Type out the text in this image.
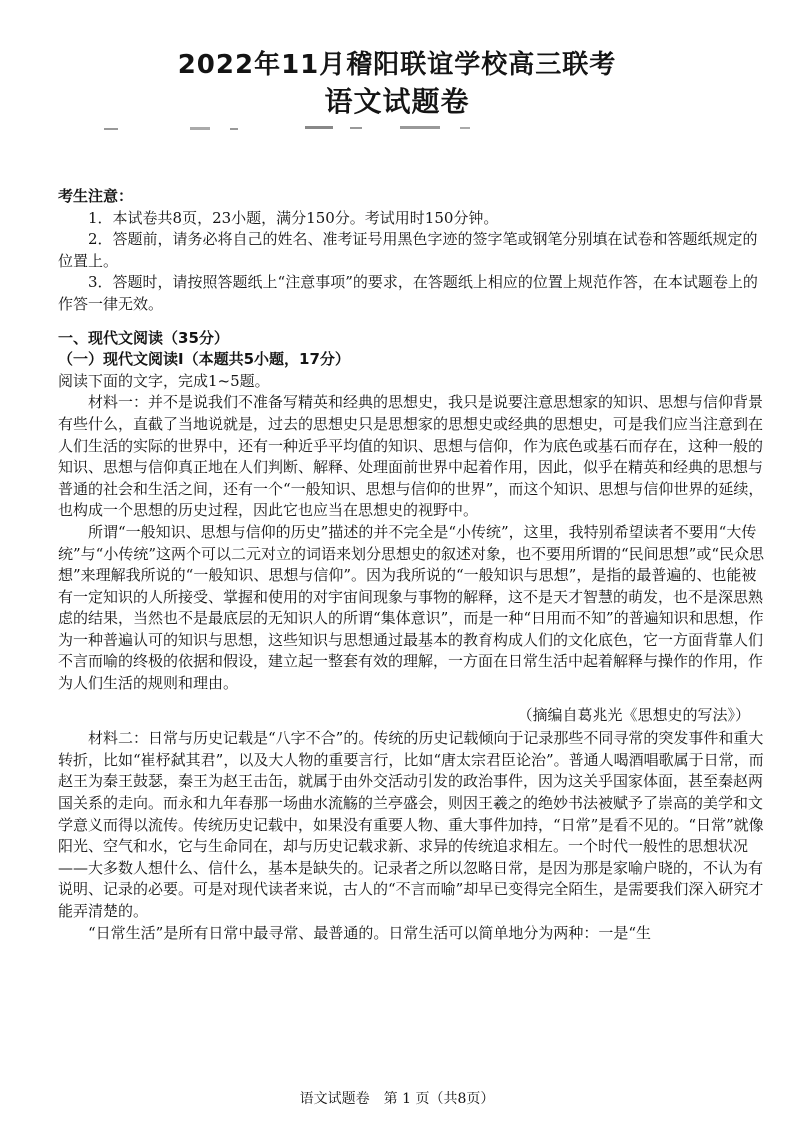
2022年11月稽阳联谊学校高三联考
语文试题卷

考生注意：

1．本试卷共8页，23小题，满分150分。考试用时150分钟。

2．答题前，请务必将自己的姓名、准考证号用黑色字迹的签字笔或钢笔分别填在试卷和答题纸规定的位置上。

3．答题时，请按照答题纸上“注意事项”的要求，在答题纸上相应的位置上规范作答，在本试题卷上的作答一律无效。

一、现代文阅读（35分）

（一）现代文阅读Ⅰ（本题共5小题，17分）

阅读下面的文字，完成1~5题。

材料一：并不是说我们不准备写精英和经典的思想史，我只是说要注意思想家的知识、思想与信仰背景有些什么，直截了当地说就是，过去的思想史只是思想家的思想史或经典的思想史，可是我们应当注意到在人们生活的实际的世界中，还有一种近乎平均值的知识、思想与信仰，作为底色或基石而存在，这种一般的知识、思想与信仰真正地在人们判断、解释、处理面前世界中起着作用，因此，似乎在精英和经典的思想与普通的社会和生活之间，还有一个“一般知识、思想与信仰的世界”，而这个知识、思想与信仰世界的延续，也构成一个思想的历史过程，因此它也应当在思想史的视野中。

所谓“一般知识、思想与信仰的历史”描述的并不完全是“小传统”，这里，我特别希望读者不要用“大传统”与“小传统”这两个可以二元对立的词语来划分思想史的叙述对象，也不要用所谓的“民间思想”或“民众思想”来理解我所说的“一般知识、思想与信仰”。因为我所说的“一般知识与思想”，是指的最普遍的、也能被有一定知识的人所接受、掌握和使用的对宇宙间现象与事物的解释，这不是天才智慧的萌发，也不是深思熟虑的结果，当然也不是最底层的无知识人的所谓“集体意识”，而是一种“日用而不知”的普遍知识和思想，作为一种普遍认可的知识与思想，这些知识与思想通过最基本的教育构成人们的文化底色，它一方面背靠人们不言而喻的终极的依据和假设，建立起一整套有效的理解，一方面在日常生活中起着解释与操作的作用，作为人们生活的规则和理由。

（摘编自葛兆光《思想史的写法》）

材料二：日常与历史记载是“八字不合”的。传统的历史记载倾向于记录那些不同寻常的突发事件和重大转折，比如“崔杼弑其君”，以及大人物的重要言行，比如“唐太宗君臣论治”。普通人喝酒唱歌属于日常，而赵王为秦王鼓瑟，秦王为赵王击缶，就属于由外交活动引发的政治事件，因为这关乎国家体面，甚至秦赵两国关系的走向。而永和九年春那一场曲水流觞的兰亭盛会，则因王羲之的绝妙书法被赋予了崇高的美学和文学意义而得以流传。传统历史记载中，如果没有重要人物、重大事件加持，“日常”是看不见的。“日常”就像阳光、空气和水，它与生命同在，却与历史记载求新、求异的传统追求相左。一个时代一般性的思想状况——大多数人想什么、信什么，基本是缺失的。记录者之所以忽略日常，是因为那是家喻户晓的，不认为有说明、记录的必要。可是对现代读者来说，古人的“不言而喻”却早已变得完全陌生，是需要我们深入研究才能弄清楚的。

“日常生活”是所有日常中最寻常、最普通的。日常生活可以简单地分为两种：一是“生

语文试题卷　第 1 页（共8页）
